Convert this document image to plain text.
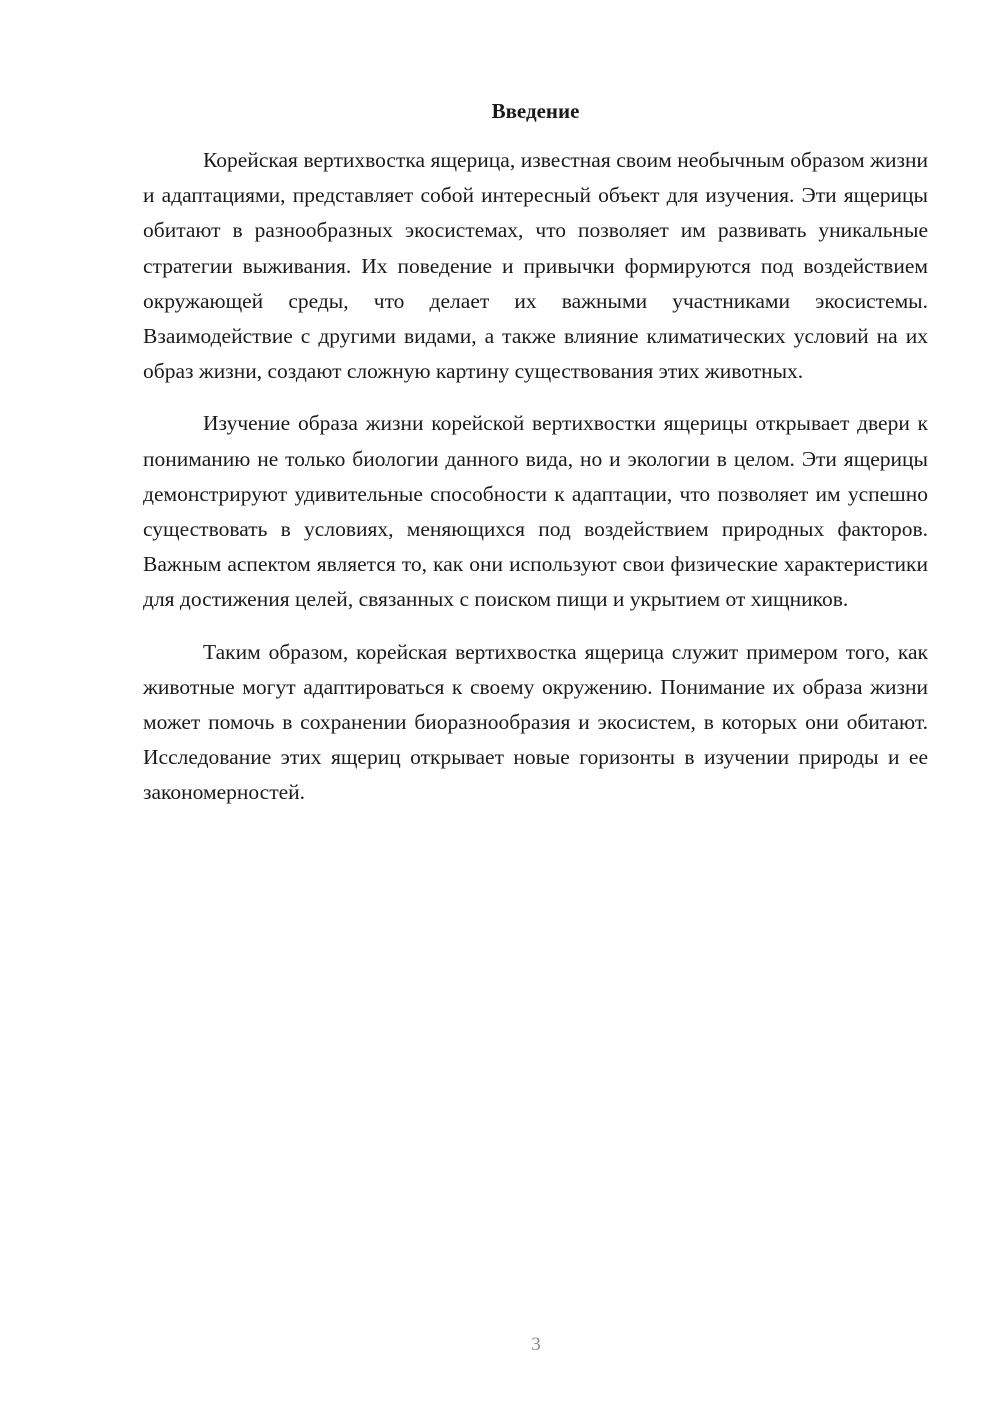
Введение

Корейская вертихвостка ящерица, известная своим необычным образом жизни и адаптациями, представляет собой интересный объект для изучения. Эти ящерицы обитают в разнообразных экосистемах, что позволяет им развивать уникальные стратегии выживания. Их поведение и привычки формируются под воздействием окружающей среды, что делает их важными участниками экосистемы. Взаимодействие с другими видами, а также влияние климатических условий на их образ жизни, создают сложную картину существования этих животных.

Изучение образа жизни корейской вертихвостки ящерицы открывает двери к пониманию не только биологии данного вида, но и экологии в целом. Эти ящерицы демонстрируют удивительные способности к адаптации, что позволяет им успешно существовать в условиях, меняющихся под воздействием природных факторов. Важным аспектом является то, как они используют свои физические характеристики для достижения целей, связанных с поиском пищи и укрытием от хищников.

Таким образом, корейская вертихвостка ящерица служит примером того, как животные могут адаптироваться к своему окружению. Понимание их образа жизни может помочь в сохранении биоразнообразия и экосистем, в которых они обитают. Исследование этих ящериц открывает новые горизонты в изучении природы и ее закономерностей.

3
